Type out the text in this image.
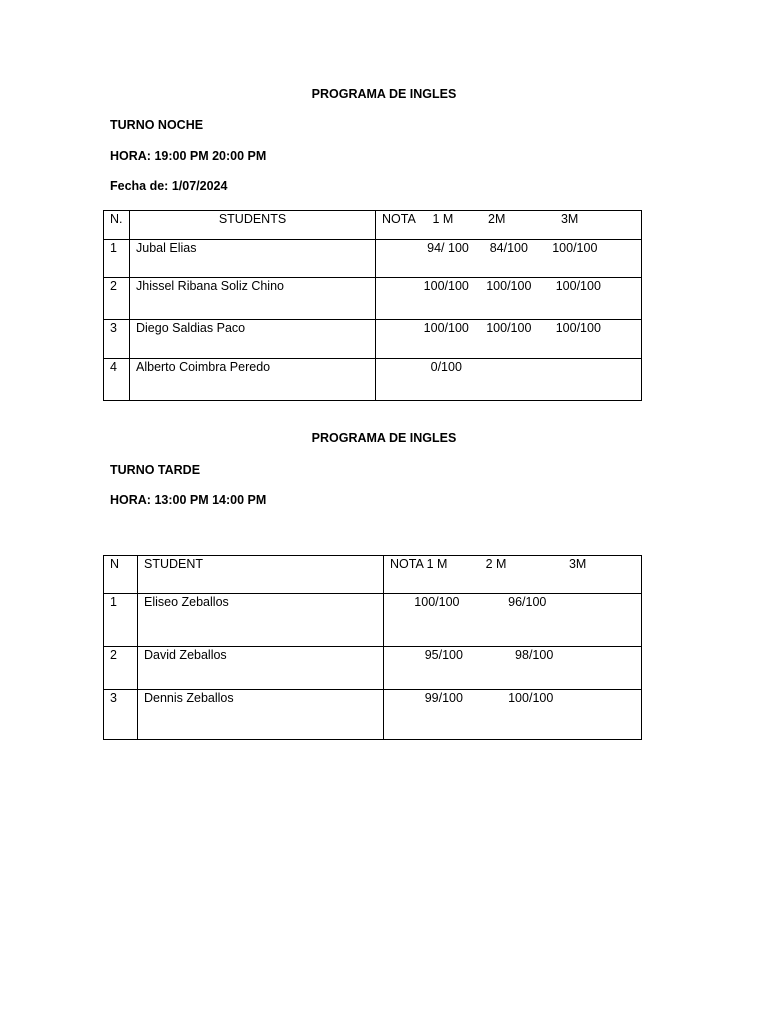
PROGRAMA DE INGLES
TURNO NOCHE
HORA: 19:00 PM 20:00 PM
Fecha de: 1/07/2024
N.	STUDENTS	NOTA     1 M          2M                3M

1	Jubal Elias	94/ 100      84/100       100/100

2	Jhissel Ribana Soliz Chino	100/100     100/100       100/100

3	Diego Saldias Paco	100/100     100/100       100/100

4	Alberto Coimbra Peredo	0/100
PROGRAMA DE INGLES
TURNO TARDE
HORA: 13:00 PM 14:00 PM
N	STUDENT	NOTA 1 M           2 M                  3M

1	Eliseo Zeballos	100/100              96/100

2	David Zeballos	95/100               98/100

3	Dennis Zeballos	99/100             100/100
